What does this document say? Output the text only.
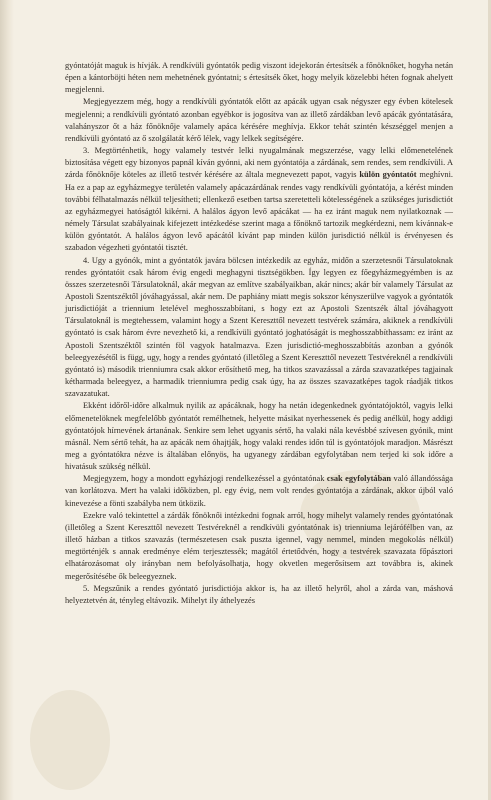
gyóntatóját maguk is hívják. A rendkívüli gyóntatók pedig viszont idejekorán értesítsék a főnöknőket, hogyha netán épen a kántorböjti héten nem mehetnének gyóntatni; s értesítsék őket, hogy melyik közelebbi héten fognak ahelyett megjelenni.

Megjegyezzem még, hogy a rendkívüli gyóntatók előtt az apácák ugyan csak négyszer egy évben kötelesek megjelenni; a rendkívüli gyóntató azonban egyébkor is jogosítva van az illető zárdákban levő apácák gyóntatására, valahányszor őt a ház főnöknője valamely apáca kérésére meghívja. Ekkor tehát szintén készséggel menjen a rendkívüli gyóntató az ő szolgálatát kérő lélek, vagy lelkek segítségére.

3. Megtörténhetik, hogy valamely testvér lelki nyugalmának megszerzése, vagy lelki előmenetelének biztosítása végett egy bizonyos papnál kíván gyónni, aki nem gyóntatója a zárdának, sem rendes, sem rendkívüli. A zárda főnöknője köteles az illető testvér kérésére az általa megnevezett papot, vagyis külön gyóntatót meghívni. Ha ez a pap az egyházmegye területén valamely apácazárdának rendes vagy rendkívüli gyóntatója, a kérést minden további félhatalmazás nélkül teljesítheti; ellenkező esetben tartsa szeretetteli kötelességének a szükséges jurisdictiót az egyházmegyei hatóságtól kikérni. A halálos ágyon levő apácákat — ha ez iránt maguk nem nyilatkoznak — némely Társulat szabályainak kifejezett intézkedése szerint maga a főnöknő tartozik megkérdezni, nem kívánnak-e külön gyóntatót. A halálos ágyon levő apácától kívánt pap minden külön jurisdictió nélkül is érvényesen és szabadon végezheti gyóntatói tisztét.

4. Ugy a gyónók, mint a gyóntatók javára bölcsen intézkedik az egyház, midőn a szerzetesnői Társulatoknak rendes gyóntatóit csak három évig engedi meghagyni tisztségökben. Így legyen ez főegyházmegyémben is az összes szerzetesnői Társulatoknál, akár megvan az említve szabályaikban, akár nincs; akár bír valamely Társulat az Apostoli Szentszéktől jóváhagyással, akár nem. De paphiány miatt megis sokszor kényszerülve vagyok a gyóntatók jurisdictióját a triennium letelével meghosszabbítani, s hogy ezt az Apostoli Szentszék által jóváhagyott Társulatoknál is megtehessem, valamint hogy a Szent Kereszttől nevezett testvérek számára, akiknek a rendkívüli gyóntató is csak három évre nevezhető ki, a rendkívüli gyóntató joghatóságát is meghosszabbíthassam: ez iránt az Apostoli Szentszéktől szintén föl vagyok hatalmazva. Ezen jurisdictió-meghosszabbítás azonban a gyónók beleegyezésétől is függ, ugy, hogy a rendes gyóntató (illetőleg a Szent Kereszttől nevezett Testvéreknél a rendkívüli gyóntató is) második trienniumra csak akkor erősíthető meg, ha titkos szavazással a zárda szavazatképes tagjainak kétharmada beleegyez, a harmadik trienniumra pedig csak úgy, ha az összes szavazatképes tagok ráadják titkos szavazatukat.

Ekként időről-időre alkalmuk nyilik az apácáknak, hogy ha netán idegenkednek gyóntatójoktól, vagyis lelki előmenetelöknek megfelelőbb gyóntatót remélhetnek, helyette másikat nyerhessenek és pedig anélkül, hogy addigi gyóntatójok hírnevének ártanának. Senkire sem lehet ugyanis sértő, ha valaki nála kevésbbé szívesen gyónik, mint másnál. Nem sértő tehát, ha az apácák nem óhajtják, hogy valaki rendes időn túl is gyóntatójok maradjon. Másrészt meg a gyóntatókra nézve is általában előnyös, ha ugyanegy zárdában egyfolytában nem terjed ki sok időre a hivatásuk szükség nélkül.

Megjegyzem, hogy a mondott egyházjogi rendelkezéssel a gyóntatónak csak egyfolytában való állandóssága van korlátozva. Mert ha valaki időközben, pl. egy évig, nem volt rendes gyóntatója a zárdának, akkor újból való kinevezése a fönti szabályba nem ütközik.

Ezekre való tekintettel a zárdák főnöknői intézkedni fognak arról, hogy mihelyt valamely rendes gyóntatónak (illetőleg a Szent Kereszttől nevezett Testvéreknél a rendkívüli gyóntatónak is) trienniuma lejárófélben van, az illető házban a titkos szavazás (természetesen csak puszta igennel, vagy nemmel, minden megokolás nélkül) megtörténjék s annak eredménye elém terjesztessék; magától értetődvén, hogy a testvérek szavazata főpásztori elhatározásomat oly irányban nem befolyásolhatja, hogy okvetlen megerősítsem azt továbbra is, akinek megerősítésébe ők beleegyeznek.

5. Megszűnik a rendes gyóntató jurisdictiója akkor is, ha az illető helyről, ahol a zárda van, máshová helyeztetvén át, tényleg eltávozik. Mihelyt ily áthelyezés
